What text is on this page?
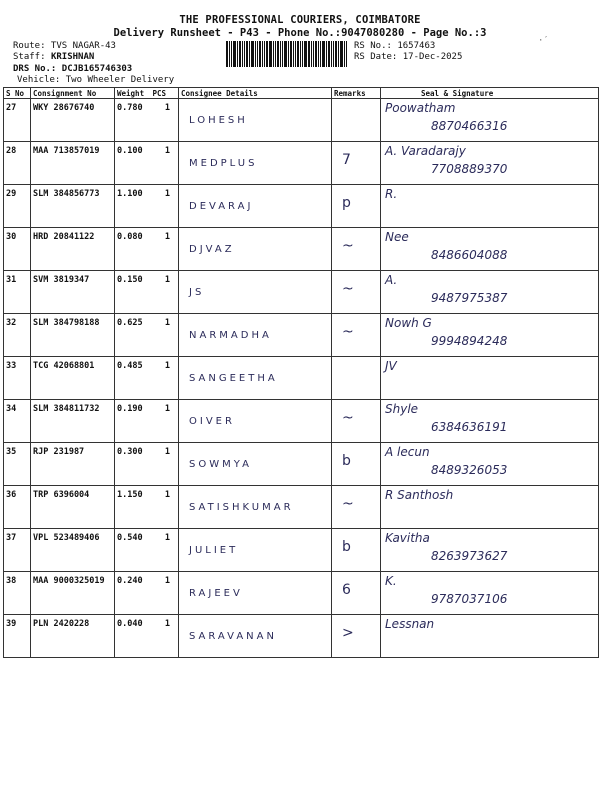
THE PROFESSIONAL COURIERS, COIMBATORE
Delivery Runsheet - P43 - Phone No.:9047080280 - Page No.:3
Route: TVS NAGAR-43
Staff: KRISHNAN
DRS No.: DCJB165746303
Vehicle: Two Wheeler Delivery
RS No.: 1657463
RS Date: 17-Dec-2025
S No	Consignment No	Weight	PCS	Consignee Details	Remarks	Seal & Signature
27	WKY 28676740	0.780	1	LOHESH		Poowatham
8870466316

28	MAA 713857019	0.100	1	MEDPLUS	7	A. Varadarajy
7708889370

29	SLM 384856773	1.100	1	DEVARAJ	p	R.

30	HRD 20841122	0.080	1	DJVAZ	~	Nee
8486604088

31	SVM 3819347	0.150	1	JS	~	A.
9487975387

32	SLM 384798188	0.625	1	NARMADHA	~	Nowh G
9994894248

33	TCG 42068801	0.485	1	SANGEETHA		JV

34	SLM 384811732	0.190	1	OIVER	~	Shyle
6384636191

35	RJP 231987	0.300	1	SOWMYA	b	A lecun
8489326053

36	TRP 6396004	1.150	1	SATISHKUMAR	~	R Santhosh

37	VPL 523489406	0.540	1	JULIET	b	Kavitha
8263973627

38	MAA 9000325019	0.240	1	RAJEEV	6	K.
9787037106

39	PLN 2420228	0.040	1	SARAVANAN	>	Lessnan
·ˊ
